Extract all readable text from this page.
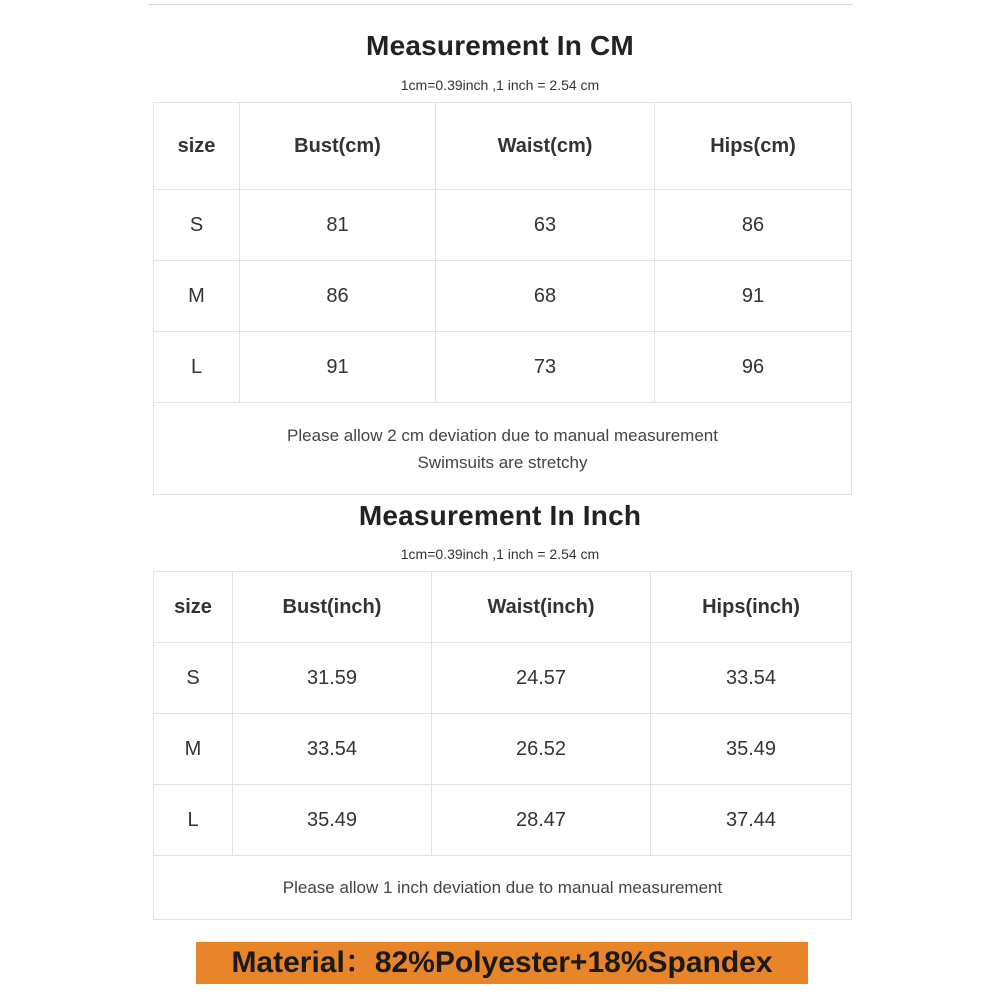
Measurement In CM
1cm=0.39inch ,1 inch = 2.54 cm
size	Bust(cm)	Waist(cm)	Hips(cm)
S	81	63	86
M	86	68	91
L	91	73	96

Please allow 2 cm deviation due to manual measurement
Swimsuits are stretchy			
Measurement In Inch
1cm=0.39inch ,1 inch = 2.54 cm
size	Bust(inch)	Waist(inch)	Hips(inch)
S	31.59	24.57	33.54
M	33.54	26.52	35.49
L	35.49	28.47	37.44

Please allow 1 inch deviation due to manual measurement			
Material：82%Polyester+18%Spandex
